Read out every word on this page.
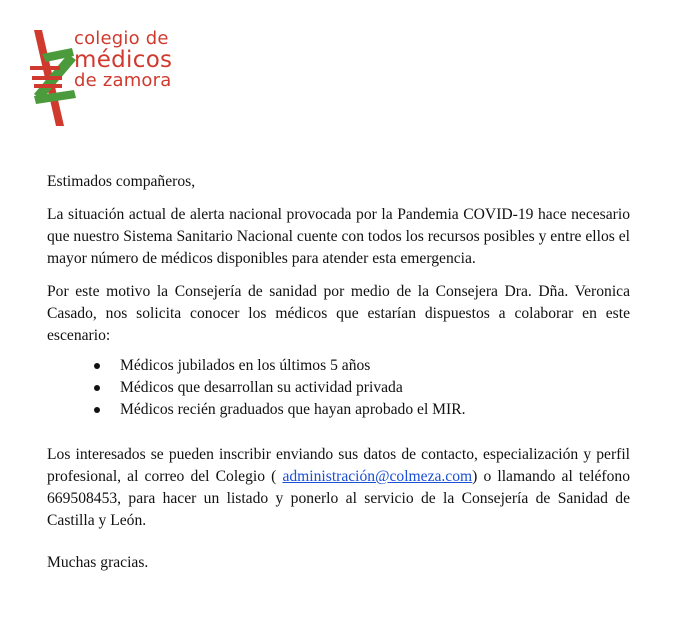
colegio de
médicos
de zamora

Estimados compañeros,

La situación actual de alerta nacional provocada por la Pandemia COVID-19 hace necesario que nuestro Sistema Sanitario Nacional cuente con todos los recursos posibles y entre ellos el mayor número de médicos disponibles para atender esta emergencia.

Por este motivo la Consejería de sanidad por medio de la Consejera Dra. Dña. Veronica Casado, nos solicita conocer los médicos que estarían dispuestos a colaborar en este escenario:

Médicos jubilados en los últimos 5 años
Médicos que desarrollan su actividad privada
Médicos recién graduados que hayan aprobado el MIR.

Los interesados se pueden inscribir enviando sus datos de contacto, especialización y perfil profesional, al correo del Colegio ( administración@colmeza.com) o llamando al teléfono 669508453, para hacer un listado y ponerlo al servicio de la Consejería de Sanidad de Castilla y León.

Muchas gracias.
